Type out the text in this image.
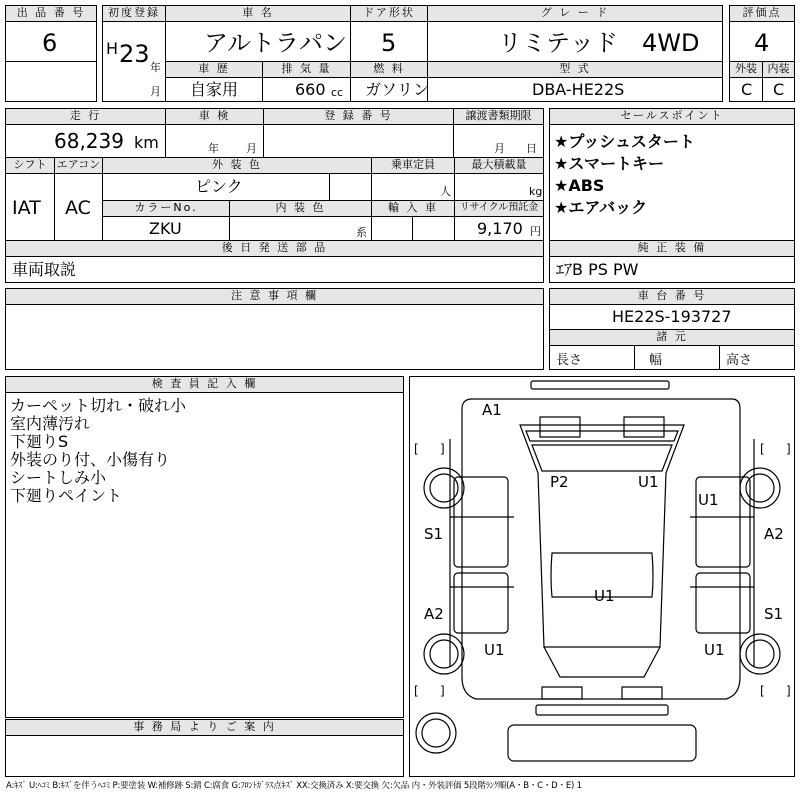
出 品 番 号
6
初度登録
H 23 年
月
車 名
アルトラパン
ドア形状
5
グ レ ー ド
リミテッド　4WD
評価点
4
車 歴
自家用
排 気 量
660 cc
燃 料
ガソリン
型 式
DBA-HE22S
外装
C
内装
C
走 行
68,239 km
車 検
年 月
登 録 番 号	譲渡書類期限
月 日
シフト
IAT
エアコン
AC
外 装 色
ピンク
乗車定員
人
最大積載量
kg
カラーNo.
ZKU
内 装 色
系
輸 入 車	リサイクル預託金
9,170 円
後 日 発 送 部 品
車両取説
セールスポイント
★プッシュスタート
★スマートキー
★ABS
★エアバック
純 正 装 備
ｴｱB PS PW
注 意 事 項 欄	車 台 番 号
HE22S-193727
諸 元
長さ	幅	高さ
検 査 員 記 入 欄
カーペット切れ・破れ小
室内薄汚れ
下廻りS
外装のり付、小傷有り
シートしみ小
下廻りペイント
事 務 局 よ り ご 案 内
A1
P2	U1
U1
S1	A2
U1
A2	S1
U1	U1
[ ]	[ ]
[ ]	[ ]
A:ｷｽﾞ U:ﾍｺﾐ B:ｷｽﾞを伴うﾍｺﾐ P:要塗装 W:補修跡 S:錆 C:腐食 G:ﾌﾛﾝﾄｶﾞﾗｽ点ｷｽﾞ XX:交換済み X:要交換 欠:欠品 内・外装評価 5段階ﾗﾝｸ順(A・B・C・D・E) 1
